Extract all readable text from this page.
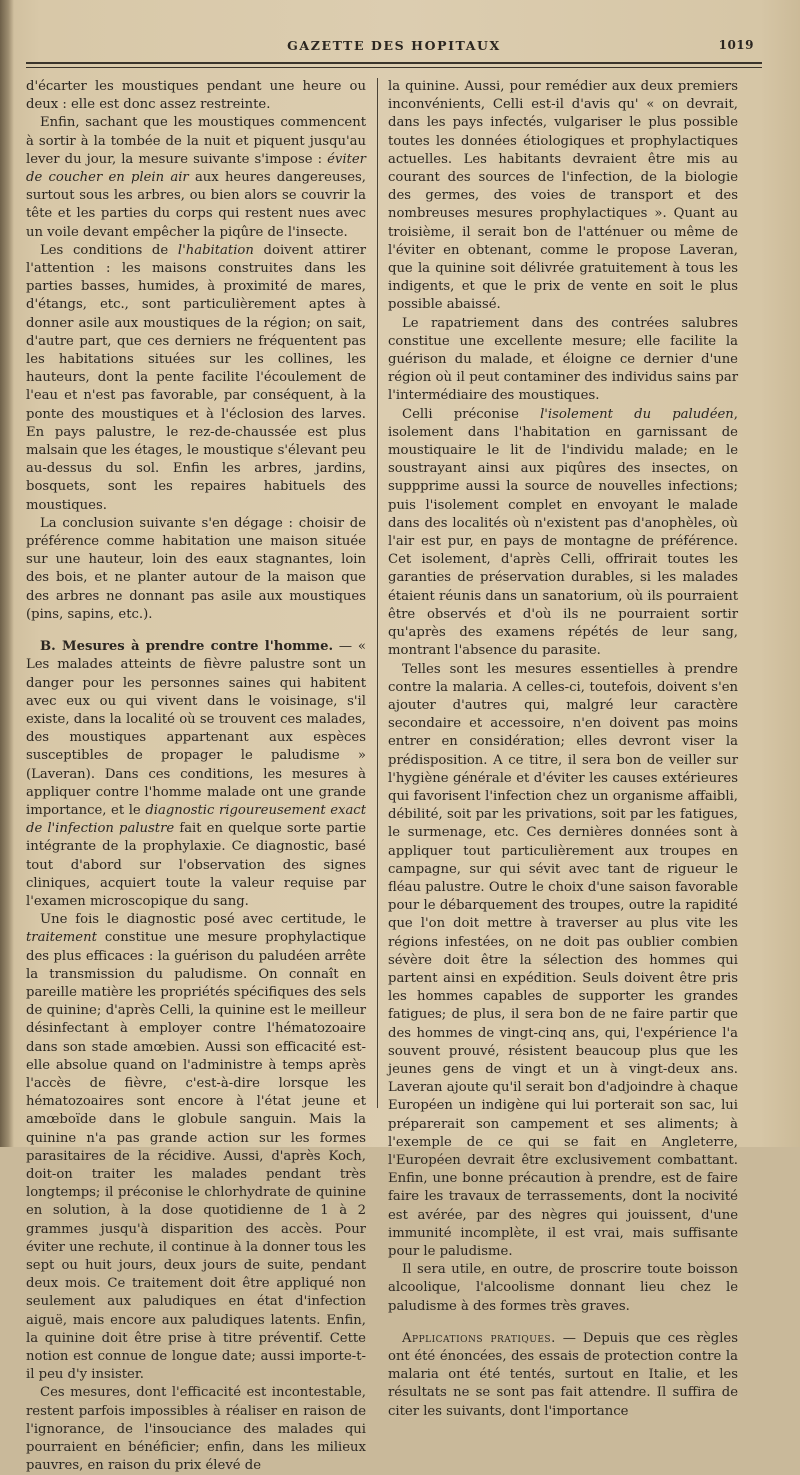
GAZETTE DES HOPITAUX	1019

d'écarter les moustiques pendant une heure ou deux : elle est donc assez restreinte.

Enfin, sachant que les moustiques commencent à sortir à la tombée de la nuit et piquent jusqu'au lever du jour, la mesure suivante s'impose : éviter de coucher en plein air aux heures dangereuses, surtout sous les arbres, ou bien alors se couvrir la tête et les parties du corps qui restent nues avec un voile devant empêcher la piqûre de l'insecte.

Les conditions de l'habitation doivent attirer l'attention : les maisons construites dans les parties basses, humides, à proximité de mares, d'étangs, etc., sont particulièrement aptes à donner asile aux moustiques de la région; on sait, d'autre part, que ces derniers ne fréquentent pas les habitations situées sur les collines, les hauteurs, dont la pente facilite l'écoulement de l'eau et n'est pas favorable, par conséquent, à la ponte des moustiques et à l'éclosion des larves. En pays palustre, le rez-de-chaussée est plus malsain que les étages, le moustique s'élevant peu au-dessus du sol. Enfin les arbres, jardins, bosquets, sont les repaires habituels des moustiques.

La conclusion suivante s'en dégage : choisir de préférence comme habitation une maison située sur une hauteur, loin des eaux stagnantes, loin des bois, et ne planter autour de la maison que des arbres ne donnant pas asile aux moustiques (pins, sapins, etc.).

B. Mesures à prendre contre l'homme. — « Les malades atteints de fièvre palustre sont un danger pour les personnes saines qui habitent avec eux ou qui vivent dans le voisinage, s'il existe, dans la localité où se trouvent ces malades, des moustiques appartenant aux espèces susceptibles de propager le paludisme » (Laveran). Dans ces conditions, les mesures à appliquer contre l'homme malade ont une grande importance, et le diagnostic rigoureusement exact de l'infection palustre fait en quelque sorte partie intégrante de la prophylaxie. Ce diagnostic, basé tout d'abord sur l'observation des signes cliniques, acquiert toute la valeur requise par l'examen microscopique du sang.

Une fois le diagnostic posé avec certitude, le traitement constitue une mesure prophylactique des plus efficaces : la guérison du paludéen arrête la transmission du paludisme. On connaît en pareille matière les propriétés spécifiques des sels de quinine; d'après Celli, la quinine est le meilleur désinfectant à employer contre l'hématozoaire dans son stade amœbien. Aussi son efficacité est-elle absolue quand on l'administre à temps après l'accès de fièvre, c'est-à-dire lorsque les hématozoaires sont encore à l'état jeune et amœboïde dans le globule sanguin. Mais la quinine n'a pas grande action sur les formes parasitaires de la récidive. Aussi, d'après Koch, doit-on traiter les malades pendant très longtemps; il préconise le chlorhydrate de quinine en solution, à la dose quotidienne de 1 à 2 grammes jusqu'à disparition des accès. Pour éviter une rechute, il continue à la donner tous les sept ou huit jours, deux jours de suite, pendant deux mois. Ce traitement doit être appliqué non seulement aux paludiques en état d'infection aiguë, mais encore aux paludiques latents. Enfin, la quinine doit être prise à titre préventif. Cette notion est connue de longue date; aussi importe-t-il peu d'y insister.

Ces mesures, dont l'efficacité est incontestable, restent parfois impossibles à réaliser en raison de l'ignorance, de l'insouciance des malades qui pourraient en bénéficier; enfin, dans les milieux pauvres, en raison du prix élevé de

la quinine. Aussi, pour remédier aux deux premiers inconvénients, Celli est-il d'avis qu' « on devrait, dans les pays infectés, vulgariser le plus possible toutes les données étiologiques et prophylactiques actuelles. Les habitants devraient être mis au courant des sources de l'infection, de la biologie des germes, des voies de transport et des nombreuses mesures prophylactiques ». Quant au troisième, il serait bon de l'atténuer ou même de l'éviter en obtenant, comme le propose Laveran, que la quinine soit délivrée gratuitement à tous les indigents, et que le prix de vente en soit le plus possible abaissé.

Le rapatriement dans des contrées salubres constitue une excellente mesure; elle facilite la guérison du malade, et éloigne ce dernier d'une région où il peut contaminer des individus sains par l'intermédiaire des moustiques.

Celli préconise l'isolement du paludéen, isolement dans l'habitation en garnissant de moustiquaire le lit de l'individu malade; en le soustrayant ainsi aux piqûres des insectes, on suppprime aussi la source de nouvelles infections; puis l'isolement complet en envoyant le malade dans des localités où n'existent pas d'anophèles, où l'air est pur, en pays de montagne de préférence. Cet isolement, d'après Celli, offrirait toutes les garanties de préservation durables, si les malades étaient réunis dans un sanatorium, où ils pourraient être observés et d'où ils ne pourraient sortir qu'après des examens répétés de leur sang, montrant l'absence du parasite.

Telles sont les mesures essentielles à prendre contre la malaria. A celles-ci, toutefois, doivent s'en ajouter d'autres qui, malgré leur caractère secondaire et accessoire, n'en doivent pas moins entrer en considération; elles devront viser la prédisposition. A ce titre, il sera bon de veiller sur l'hygiène générale et d'éviter les causes extérieures qui favorisent l'infection chez un organisme affaibli, débilité, soit par les privations, soit par les fatigues, le surmenage, etc. Ces dernières données sont à appliquer tout particulièrement aux troupes en campagne, sur qui sévit avec tant de rigueur le fléau palustre. Outre le choix d'une saison favorable pour le débarquement des troupes, outre la rapidité que l'on doit mettre à traverser au plus vite les régions infestées, on ne doit pas oublier combien sévère doit être la sélection des hommes qui partent ainsi en expédition. Seuls doivent être pris les hommes capables de supporter les grandes fatigues; de plus, il sera bon de ne faire partir que des hommes de vingt-cinq ans, qui, l'expérience l'a souvent prouvé, résistent beaucoup plus que les jeunes gens de vingt et un à vingt-deux ans. Laveran ajoute qu'il serait bon d'adjoindre à chaque Européen un indigène qui lui porterait son sac, lui préparerait son campement et ses aliments; à l'exemple de ce qui se fait en Angleterre, l'Européen devrait être exclusivement combattant. Enfin, une bonne précaution à prendre, est de faire faire les travaux de terrassements, dont la nocivité est avérée, par des nègres qui jouissent, d'une immunité incomplète, il est vrai, mais suffisante pour le paludisme.

Il sera utile, en outre, de proscrire toute boisson alcoolique, l'alcoolisme donnant lieu chez le paludisme à des formes très graves.

Applications pratiques. — Depuis que ces règles ont été énoncées, des essais de protection contre la malaria ont été tentés, surtout en Italie, et les résultats ne se sont pas fait attendre. Il suffira de citer les suivants, dont l'importance
